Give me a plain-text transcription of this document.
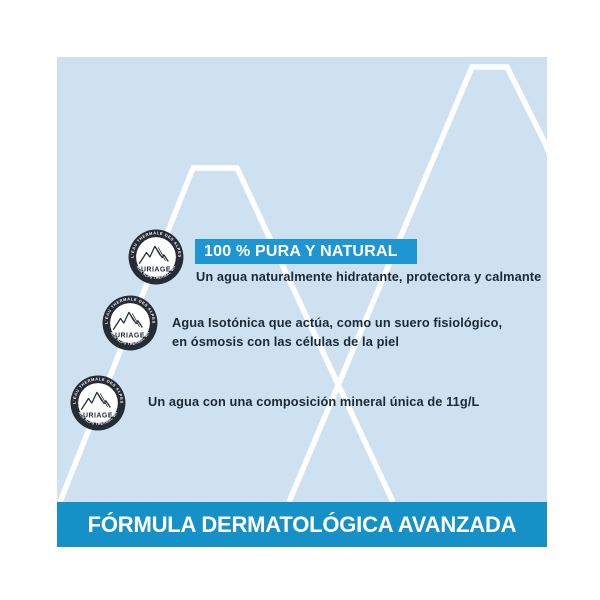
100 % PURA Y NATURAL
Un agua naturalmente hidratante, protectora y calmante
Agua Isotónica que actúa, como un suero fisiológico,
en ósmosis con las células de la piel
Un agua con una composición mineral única de 11g/L
FÓRMULA DERMATOLÓGICA AVANZADA
